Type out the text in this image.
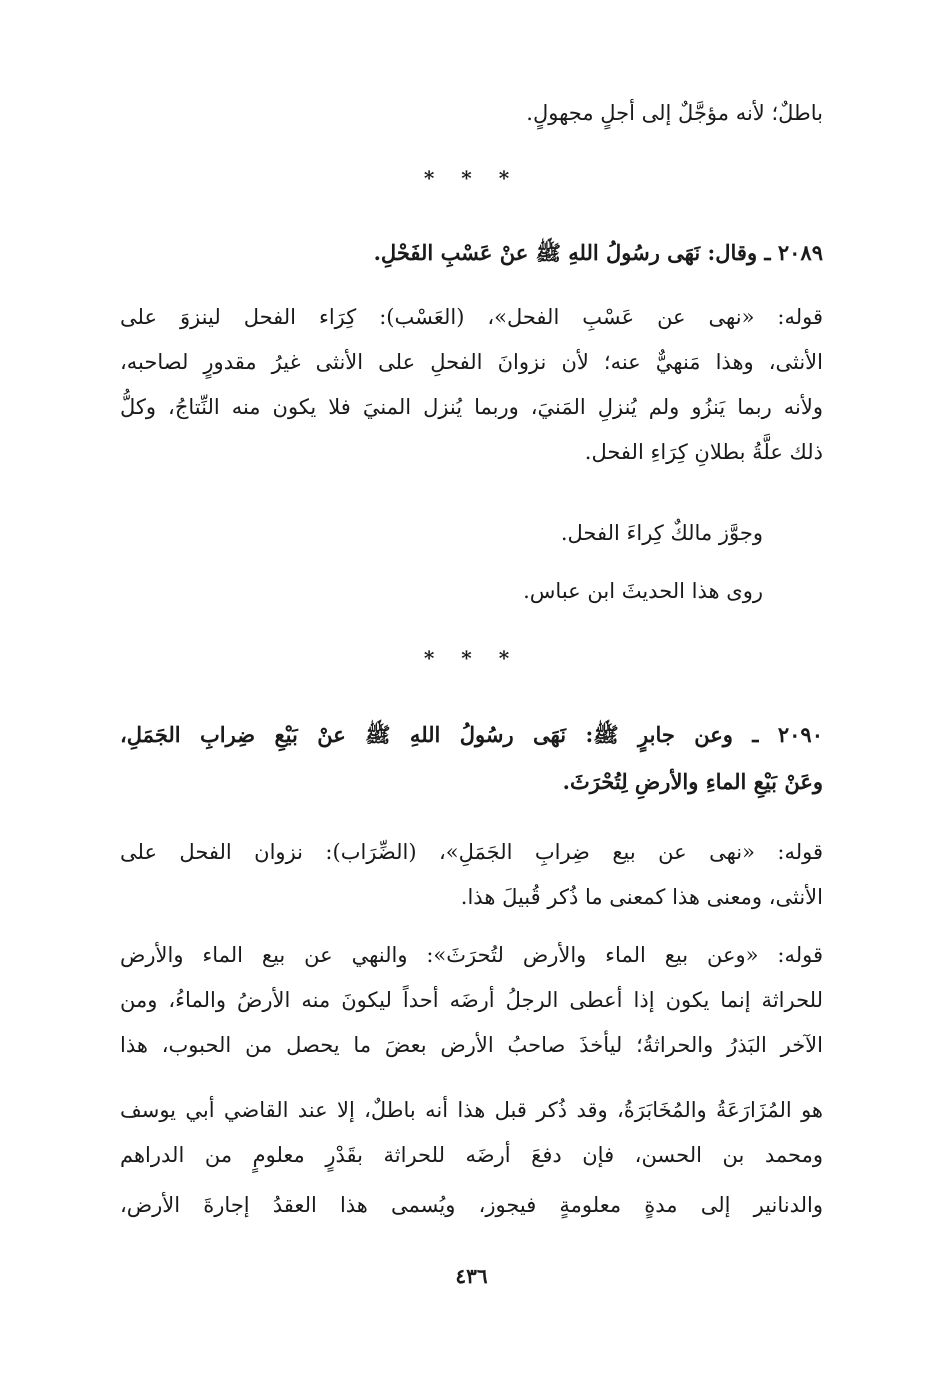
باطلٌ؛ لأنه مؤجَّلٌ إلى أجلٍ مجهولٍ.
* * *
٢٠٨٩ ـ وقال: نَهَى رسُولُ اللهِ ﷺ عنْ عَسْبِ الفَحْلِ.
قوله: «نهى عن عَسْبِ الفحل»، (العَسْب): كِرَاء الفحل لينزوَ على
الأنثى، وهذا مَنهيٌّ عنه؛ لأن نزوانَ الفحلِ على الأنثى غيرُ مقدورٍ لصاحبه،
ولأنه ربما يَنزُو ولم يُنزلِ المَنيَ، وربما يُنزل المنيَ فلا يكون منه النِّتاجُ، وكلُّ
ذلك علَّةُ بطلانِ كِرَاءِ الفحل.
وجوَّز مالكٌ كِراءَ الفحل.
روى هذا الحديثَ ابن عباس.
* * *
٢٠٩٠ ـ وعن جابرٍ ﷺ: نَهَى رسُولُ اللهِ ﷺ عنْ بَيْعِ ضِرابِ الجَمَلِ،
وعَنْ بَيْعِ الماءِ والأرضِ لِتُحْرَثَ.
قوله: «نهى عن بيع ضِرابِ الجَمَلِ»، (الضِّرَاب): نزوان الفحل على
الأنثى، ومعنى هذا كمعنى ما ذُكر قُبيلَ هذا.
قوله: «وعن بيع الماء والأرض لتُحرَثَ»: والنهي عن بيع الماء والأرض
للحراثة إنما يكون إذا أعطى الرجلُ أرضَه أحداً ليكونَ منه الأرضُ والماءُ، ومن
الآخر البَذرُ والحراثةُ؛ ليأخذَ صاحبُ الأرض بعضَ ما يحصل من الحبوب، هذا
هو المُزَارَعَةُ والمُخَابَرَةُ، وقد ذُكر قبل هذا أنه باطلٌ، إلا عند القاضي أبي يوسف
ومحمد بن الحسن، فإن دفعَ أرضَه للحراثة بقَدْرٍ معلومٍ من الدراهم
والدنانير إلى مدةٍ معلومةٍ فيجوز، ويُسمى هذا العقدُ إجارةَ الأرض،
٤٣٦
